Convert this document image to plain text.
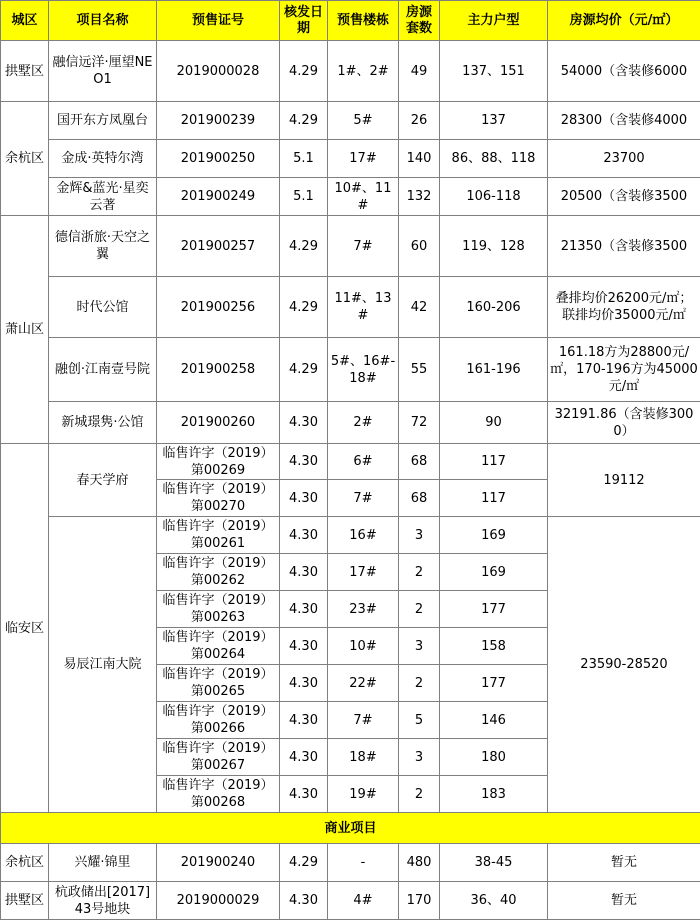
城区	项目名称	预售证号	核发日期	预售楼栋	房源套数	主力户型	房源均价（元/㎡）
拱墅区	融信远洋·厘望NEO1	2019000028	4.29	1#、2#	49	137、151	54000（含装修6000
余杭区	国开东方凤凰台	201900239	4.29	5#	26	137	28300（含装修4000
	金成·英特尔湾	201900250	5.1	17#	140	86、88、118	23700
	金辉&蓝光·星奕云著	201900249	5.1	10#、11#	132	106-118	20500（含装修3500
萧山区	德信浙旅·天空之翼	201900257	4.29	7#	60	119、128	21350（含装修3500
	时代公馆	201900256	4.29	11#、13#	42	160-206	叠排均价26200元/㎡；联排均价35000元/㎡
	融创·江南壹号院	201900258	4.29	5#、16#-18#	55	161-196	161.18方为28800元/㎡，170-196方为45000元/㎡
	新城璟隽·公馆	201900260	4.30	2#	72	90	32191.86（含装修3000）
临安区	春天学府	临售许字（2019）第00269	4.30	6#	68	117	19112
		临售许字（2019）第00270	4.30	7#	68	117	
	易辰江南大院	临售许字（2019）第00261	4.30	16#	3	169	23590-28520
		临售许字（2019）第00262	4.30	17#	2	169	
		临售许字（2019）第00263	4.30	23#	2	177	
		临售许字（2019）第00264	4.30	10#	3	158	
		临售许字（2019）第00265	4.30	22#	2	177	
		临售许字（2019）第00266	4.30	7#	5	146	
		临售许字（2019）第00267	4.30	18#	3	180	
		临售许字（2019）第00268	4.30	19#	2	183	
商业项目							
余杭区	兴耀·锦里	201900240	4.29	-	480	38-45	暂无
拱墅区	杭政储出[2017]43号地块	2019000029	4.30	4#	170	36、40	暂无
